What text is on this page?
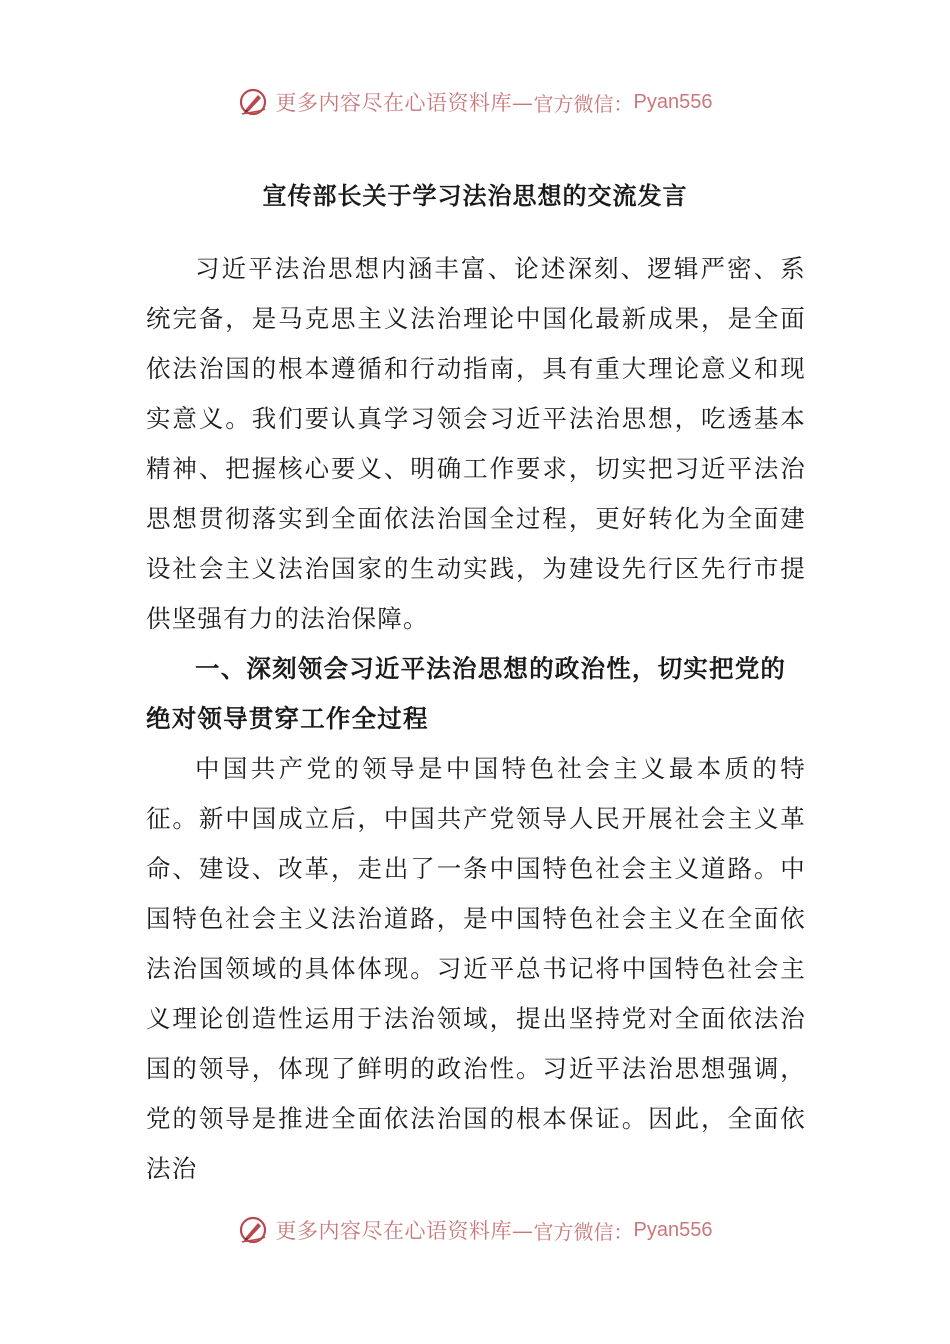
更多内容尽在心语资料库— 官方微信： Pyan556
宣传部长关于学习法治思想的交流发言

习近平法治思想内涵丰富、论述深刻、逻辑严密、系统完备，是马克思主义法治理论中国化最新成果，是全面依法治国的根本遵循和行动指南，具有重大理论意义和现实意义。我们要认真学习领会习近平法治思想，吃透基本精神、把握核心要义、明确工作要求，切实把习近平法治思想贯彻落实到全面依法治国全过程，更好转化为全面建设社会主义法治国家的生动实践，为建设先行区先行市提供坚强有力的法治保障。

一、深刻领会习近平法治思想的政治性，切实把党的绝对领导贯穿工作全过程

中国共产党的领导是中国特色社会主义最本质的特征。新中国成立后，中国共产党领导人民开展社会主义革命、建设、改革，走出了一条中国特色社会主义道路。中国特色社会主义法治道路，是中国特色社会主义在全面依法治国领域的具体体现。习近平总书记将中国特色社会主义理论创造性运用于法治领域，提出坚持党对全面依法治国的领导，体现了鲜明的政治性。习近平法治思想强调，党的领导是推进全面依法治国的根本保证。因此，全面依法治

更多内容尽在心语资料库— 官方微信： Pyan556
